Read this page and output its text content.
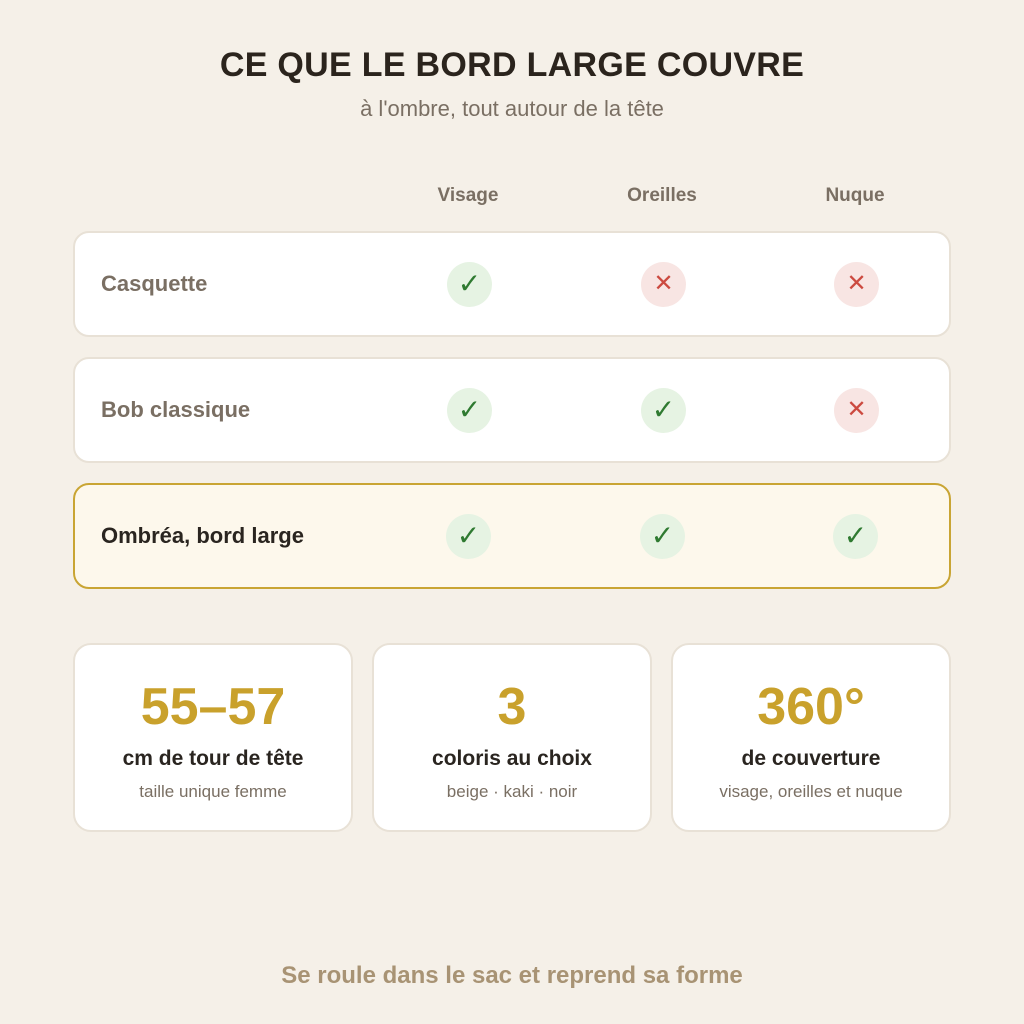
CE QUE LE BORD LARGE COUVRE
à l'ombre, tout autour de la tête
Visage	Oreilles	Nuque
Casquette	✓	✕	✕
Bob classique	✓	✓	✕
Ombréa, bord large	✓	✓	✓
55–57
cm de tour de tête
taille unique femme
3
coloris au choix
beige · kaki · noir
360°
de couverture
visage, oreilles et nuque
Se roule dans le sac et reprend sa forme
